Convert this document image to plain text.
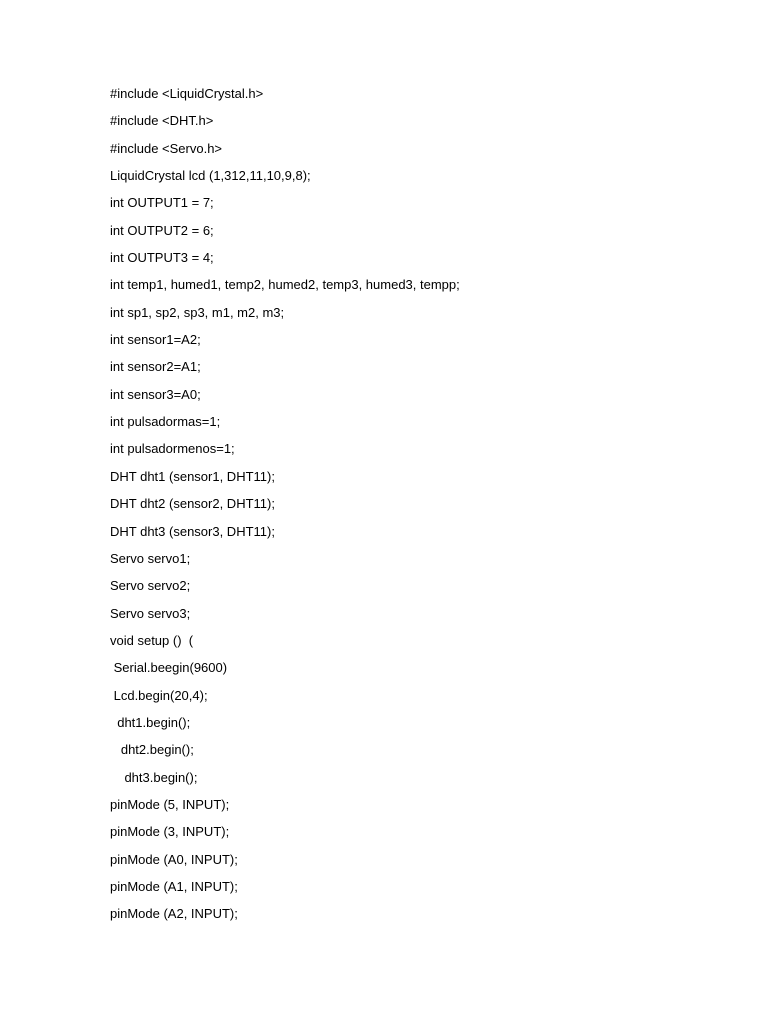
#include <LiquidCrystal.h>
#include <DHT.h>
#include <Servo.h>
LiquidCrystal lcd (1,312,11,10,9,8);
int OUTPUT1 = 7;
int OUTPUT2 = 6;
int OUTPUT3 = 4;
int temp1, humed1, temp2, humed2, temp3, humed3, tempp;
int sp1, sp2, sp3, m1, m2, m3;
int sensor1=A2;
int sensor2=A1;
int sensor3=A0;
int pulsadormas=1;
int pulsadormenos=1;
DHT dht1 (sensor1, DHT11);
DHT dht2 (sensor2, DHT11);
DHT dht3 (sensor3, DHT11);
Servo servo1;
Servo servo2;
Servo servo3;
void setup ()  (
Serial.beegin(9600)
Lcd.begin(20,4);
dht1.begin();
dht2.begin();
dht3.begin();
pinMode (5, INPUT);
pinMode (3, INPUT);
pinMode (A0, INPUT);
pinMode (A1, INPUT);
pinMode (A2, INPUT);
